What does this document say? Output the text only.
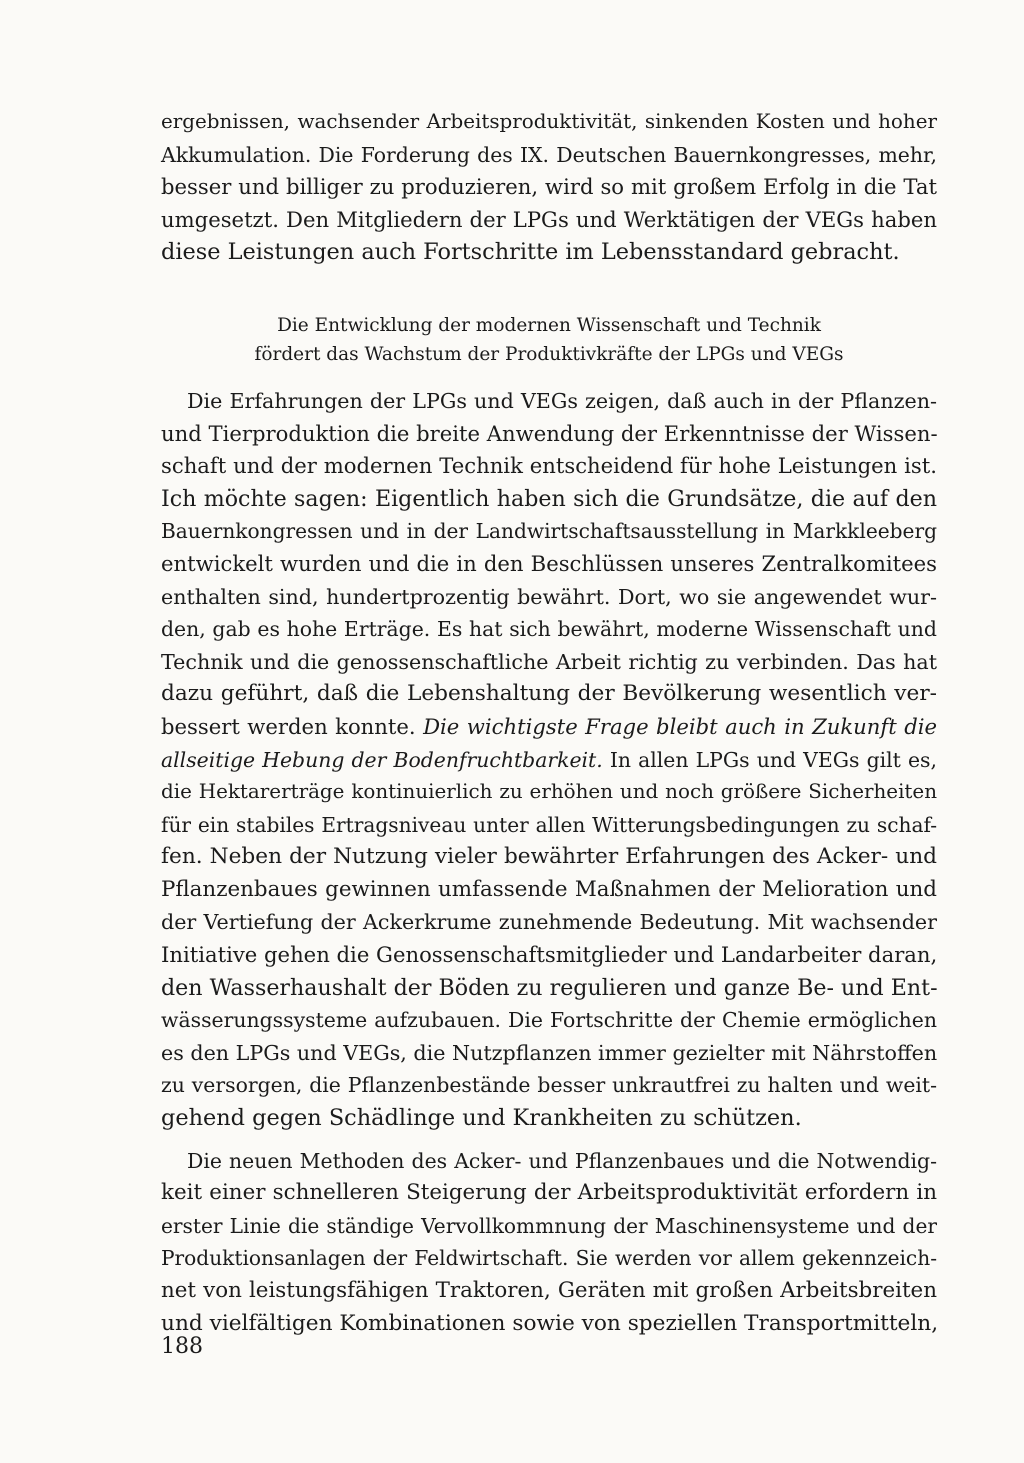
ergebnissen, wachsender Arbeitsproduktivität, sinkenden Kosten und hoher
Akkumulation. Die Forderung des IX. Deutschen Bauernkongresses, mehr,
besser und billiger zu produzieren, wird so mit großem Erfolg in die Tat
umgesetzt. Den Mitgliedern der LPGs und Werktätigen der VEGs haben
diese Leistungen auch Fortschritte im Lebensstandard gebracht.

Die Entwicklung der modernen Wissenschaft und Technik
fördert das Wachstum der Produktivkräfte der LPGs und VEGs

Die Erfahrungen der LPGs und VEGs zeigen, daß auch in der Pflanzen-
und Tierproduktion die breite Anwendung der Erkenntnisse der Wissen-
schaft und der modernen Technik entscheidend für hohe Leistungen ist.
Ich möchte sagen: Eigentlich haben sich die Grundsätze, die auf den
Bauernkongressen und in der Landwirtschaftsausstellung in Markkleeberg
entwickelt wurden und die in den Beschlüssen unseres Zentralkomitees
enthalten sind, hundertprozentig bewährt. Dort, wo sie angewendet wur-
den, gab es hohe Erträge. Es hat sich bewährt, moderne Wissenschaft und
Technik und die genossenschaftliche Arbeit richtig zu verbinden. Das hat
dazu geführt, daß die Lebenshaltung der Bevölkerung wesentlich ver-
bessert werden konnte. Die wichtigste Frage bleibt auch in Zukunft die
allseitige Hebung der Bodenfruchtbarkeit. In allen LPGs und VEGs gilt es,
die Hektarerträge kontinuierlich zu erhöhen und noch größere Sicherheiten
für ein stabiles Ertragsniveau unter allen Witterungsbedingungen zu schaf-
fen. Neben der Nutzung vieler bewährter Erfahrungen des Acker- und
Pflanzenbaues gewinnen umfassende Maßnahmen der Melioration und
der Vertiefung der Ackerkrume zunehmende Bedeutung. Mit wachsender
Initiative gehen die Genossenschaftsmitglieder und Landarbeiter daran,
den Wasserhaushalt der Böden zu regulieren und ganze Be- und Ent-
wässerungssysteme aufzubauen. Die Fortschritte der Chemie ermöglichen
es den LPGs und VEGs, die Nutzpflanzen immer gezielter mit Nährstoffen
zu versorgen, die Pflanzenbestände besser unkrautfrei zu halten und weit-
gehend gegen Schädlinge und Krankheiten zu schützen.

Die neuen Methoden des Acker- und Pflanzenbaues und die Notwendig-
keit einer schnelleren Steigerung der Arbeitsproduktivität erfordern in
erster Linie die ständige Vervollkommnung der Maschinensysteme und der
Produktionsanlagen der Feldwirtschaft. Sie werden vor allem gekennzeich-
net von leistungsfähigen Traktoren, Geräten mit großen Arbeitsbreiten
und vielfältigen Kombinationen sowie von speziellen Transportmitteln,

188
